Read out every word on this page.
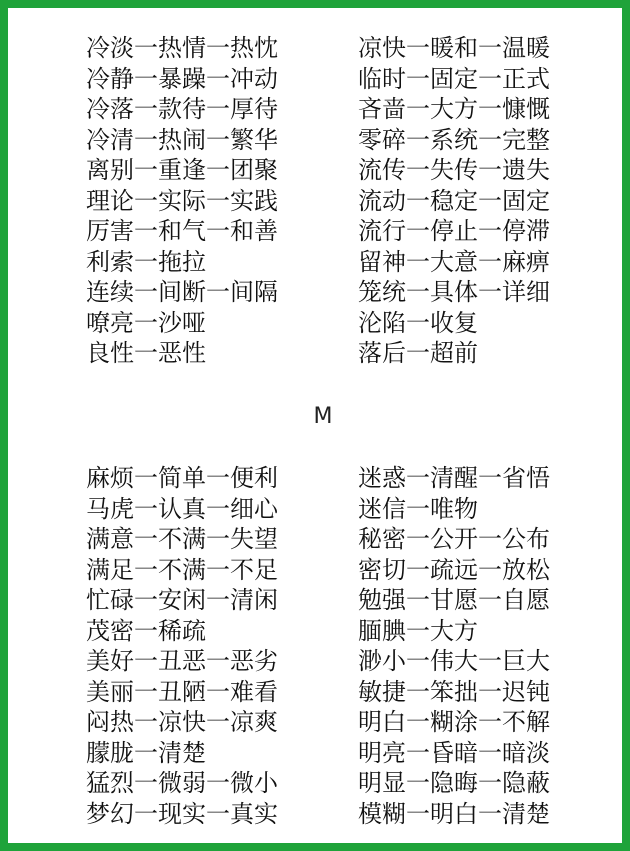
冷淡一热情一热忱
冷静一暴躁一冲动
冷落一款待一厚待
冷清一热闹一繁华
离别一重逢一团聚
理论一实际一实践
厉害一和气一和善
利索一拖拉
连续一间断一间隔
嘹亮一沙哑
良性一恶性
凉快一暖和一温暖
临时一固定一正式
吝啬一大方一慷慨
零碎一系统一完整
流传一失传一遗失
流动一稳定一固定
流行一停止一停滞
留神一大意一麻痹
笼统一具体一详细
沦陷一收复
落后一超前
M
麻烦一简单一便利
马虎一认真一细心
满意一不满一失望
满足一不满一不足
忙碌一安闲一清闲
茂密一稀疏
美好一丑恶一恶劣
美丽一丑陋一难看
闷热一凉快一凉爽
朦胧一清楚
猛烈一微弱一微小
梦幻一现实一真实
迷惑一清醒一省悟
迷信一唯物
秘密一公开一公布
密切一疏远一放松
勉强一甘愿一自愿
腼腆一大方
渺小一伟大一巨大
敏捷一笨拙一迟钝
明白一糊涂一不解
明亮一昏暗一暗淡
明显一隐晦一隐蔽
模糊一明白一清楚
